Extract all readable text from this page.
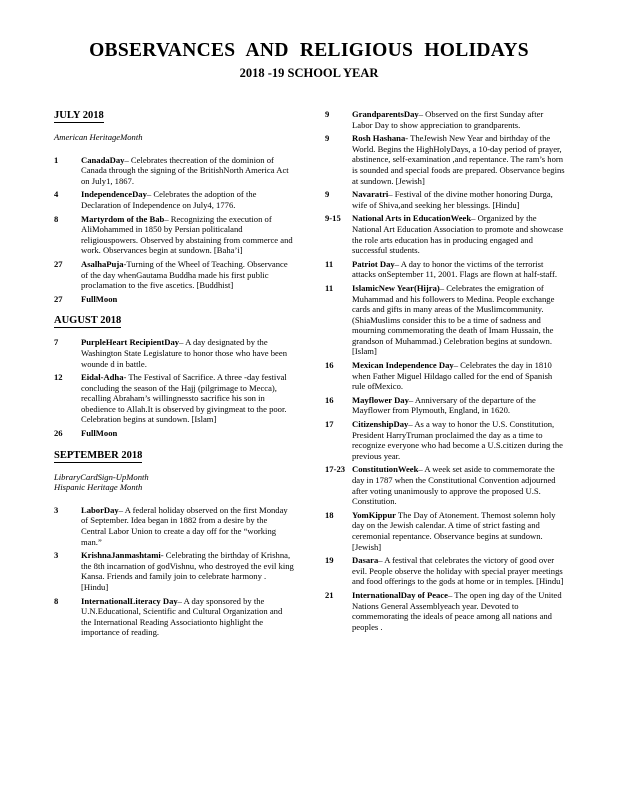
OBSERVANCES AND RELIGIOUS HOLIDAYS
2018 -19 SCHOOL YEAR
JULY 2018
American HeritageMonth
1	CanadaDay– Celebrates thecreation of the dominion of Canada through the signing of the BritishNorth America Act on July1, 1867.
4	IndependenceDay– Celebrates the adoption of the Declaration of Independence on July4, 1776.
8	Martyrdom of the Bab– Recognizing the execution of AliMohammed in 1850 by Persian politicaland religiouspowers. Observed by abstaining from commerce and work. Observances begin at sundown. [Baha’i]
27	AsalhaPuja-Turning of the Wheel of Teaching. Observance of the day whenGautama Buddha made his first public proclamation to the five ascetics. [Buddhist]
27	FullMoon
AUGUST 2018
7	PurpleHeart RecipientDay– A day designated by the Washington State Legislature to honor those who have been wounde d in battle.
12	Eidal-Adha- The Festival of Sacrifice. A three -day festival concluding the season of the Hajj (pilgrimage to Mecca), recalling Abraham’s willingnessto sacrifice his son in obedience to Allah.It is observed by givingmeat to the poor. Celebration begins at sundown. [Islam]
26	FullMoon
SEPTEMBER 2018
LibraryCardSign-UpMonth
Hispanic Heritage Month
3	LaborDay– A federal holiday observed on the first Monday of September. Idea began in 1882 from a desire by the Central Labor Union to create a day off for the “working man.”
3	KrishnaJanmashtami- Celebrating the birthday of Krishna, the 8th incarnation of godVishnu, who destroyed the evil king Kansa. Friends and family join to celebrate harmony . [Hindu]
8	InternationalLiteracy Day– A day sponsored by the U.N.Educational, Scientific and Cultural Organization and the International Reading Associationto highlight the importance of reading.
9	GrandparentsDay– Observed on the first Sunday after Labor Day to show appreciation to grandparents.
9	Rosh Hashana- TheJewish New Year and birthday of the World. Begins the HighHolyDays, a 10-day period of prayer, abstinence, self-examination ,and repentance. The ram’s horn is sounded and special foods are prepared. Observance begins at sundown. [Jewish]
9	Navaratri– Festival of the divine mother honoring Durga, wife of Shiva,and seeking her blessings. [Hindu]
9-15	National Arts in EducationWeek– Organized by the National Art Education Association to promote and showcase the role arts education has in producing engaged and successful students.
11	Patriot Day– A day to honor the victims of the terrorist attacks onSeptember 11, 2001. Flags are flown at half-staff.
11	IslamicNew Year(Hijra)– Celebrates the emigration of Muhammad and his followers to Medina. People exchange cards and gifts in many areas of the Muslimcommunity. (ShiaMuslims consider this to be a time of sadness and mourning commemorating the death of Imam Hussain, the grandson of Muhammad.) Celebration begins at sundown. [Islam]
16	Mexican Independence Day– Celebrates the day in 1810 when Father Miguel Hildago called for the end of Spanish rule ofMexico.
16	Mayflower Day– Anniversary of the departure of the Mayflower from Plymouth, England, in 1620.
17	CitizenshipDay– As a way to honor the U.S. Constitution, President HarryTruman proclaimed the day as a time to recognize everyone who had become a U.S.citizen during the previous year.
17-23 ConstitutionWeek– A week set aside to commemorate the day in 1787 when the Constitutional Convention adjourned after voting unanimously to approve the proposed U.S. Constitution.
18	YomKippur The Day of Atonement. Themost solemn holy day on the Jewish calendar. A time of strict fasting and ceremonial repentance. Observance begins at sundown. [Jewish]
19	Dasara– A festival that celebrates the victory of good over evil. People observe the holiday with special prayer meetings and food offerings to the gods at home or in temples. [Hindu]
21	InternationalDay of Peace– The open ing day of the United Nations General Assemblyeach year. Devoted to commemorating the ideals of peace among all nations and peoples .
